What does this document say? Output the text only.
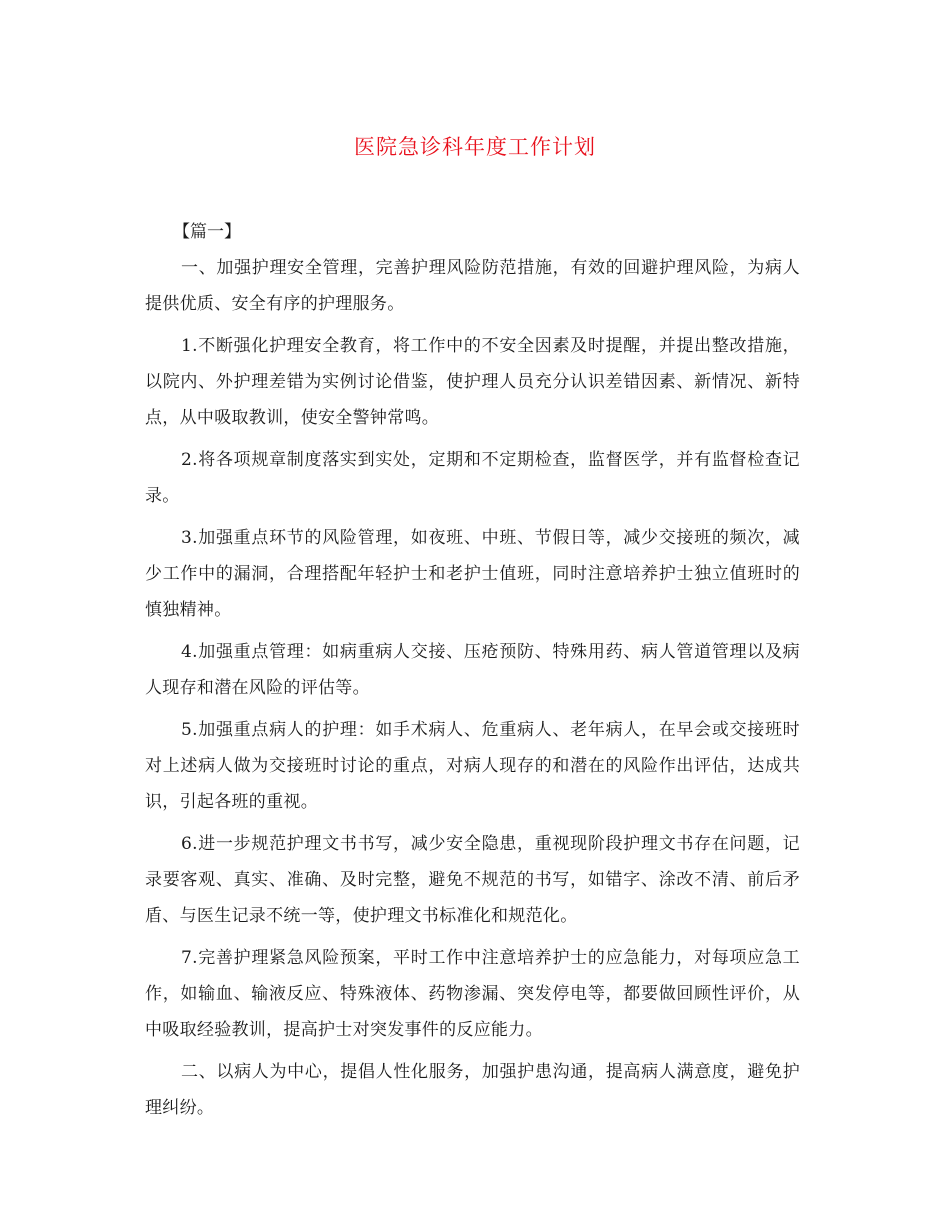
医院急诊科年度工作计划

【篇一】

一、加强护理安全管理，完善护理风险防范措施，有效的回避护理风险，为病人提供优质、安全有序的护理服务。

1.不断强化护理安全教育，将工作中的不安全因素及时提醒，并提出整改措施，以院内、外护理差错为实例讨论借鉴，使护理人员充分认识差错因素、新情况、新特点，从中吸取教训，使安全警钟常鸣。

2.将各项规章制度落实到实处，定期和不定期检查，监督医学，并有监督检查记录。

3.加强重点环节的风险管理，如夜班、中班、节假日等，减少交接班的频次，减少工作中的漏洞，合理搭配年轻护士和老护士值班，同时注意培养护士独立值班时的慎独精神。

4.加强重点管理：如病重病人交接、压疮预防、特殊用药、病人管道管理以及病人现存和潜在风险的评估等。

5.加强重点病人的护理：如手术病人、危重病人、老年病人，在早会或交接班时对上述病人做为交接班时讨论的重点，对病人现存的和潜在的风险作出评估，达成共识，引起各班的重视。

6.进一步规范护理文书书写，减少安全隐患，重视现阶段护理文书存在问题，记录要客观、真实、准确、及时完整，避免不规范的书写，如错字、涂改不清、前后矛盾、与医生记录不统一等，使护理文书标准化和规范化。

7.完善护理紧急风险预案，平时工作中注意培养护士的应急能力，对每项应急工作，如输血、输液反应、特殊液体、药物渗漏、突发停电等，都要做回顾性评价，从中吸取经验教训，提高护士对突发事件的反应能力。

二、以病人为中心，提倡人性化服务，加强护患沟通，提高病人满意度，避免护理纠纷。
